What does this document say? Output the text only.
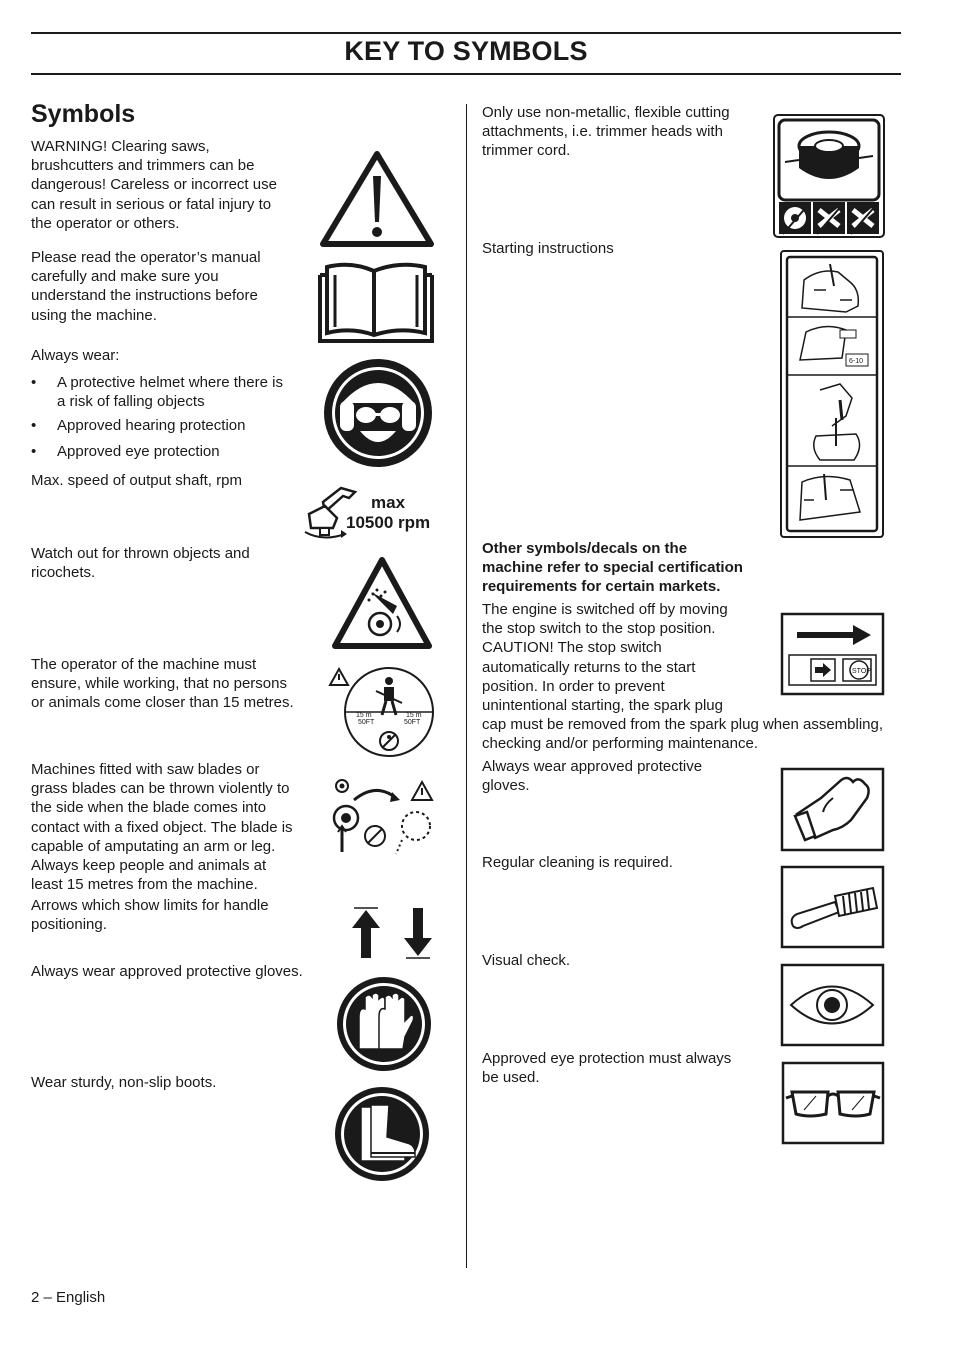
KEY TO SYMBOLS
Symbols
WARNING! Clearing saws,
brushcutters and trimmers can be
dangerous! Careless or incorrect use
can result in serious or fatal injury to
the operator or others.
Please read the operator’s manual
carefully and make sure you
understand the instructions before
using the machine.
Always wear:
• A protective helmet where there is
a risk of falling objects
• Approved hearing protection
• Approved eye protection
Max. speed of output shaft, rpm
Watch out for thrown objects and
ricochets.
The operator of the machine must
ensure, while working, that no persons
or animals come closer than 15 metres.
Machines fitted with saw blades or
grass blades can be thrown violently to
the side when the blade comes into
contact with a fixed object. The blade is
capable of amputating an arm or leg.
Always keep people and animals at
least 15 metres from the machine.
Arrows which show limits for handle
positioning.
Always wear approved protective gloves.
Wear sturdy, non-slip boots.
max
10500 rpm
15 m
50FT
15 m
50FT
Only use non-metallic, flexible cutting
attachments, i.e. trimmer heads with
trimmer cord.
Starting instructions
Other symbols/decals on the
machine refer to special certification
requirements for certain markets.
The engine is switched off by moving
the stop switch to the stop position.
CAUTION! The stop switch
automatically returns to the start
position. In order to prevent
unintentional starting, the spark plug
cap must be removed from the spark plug when assembling,
checking and/or performing maintenance.
Always wear approved protective
gloves.
Regular cleaning is required.
Visual check.
Approved eye protection must always
be used.
6-10
STOP
2 – English
